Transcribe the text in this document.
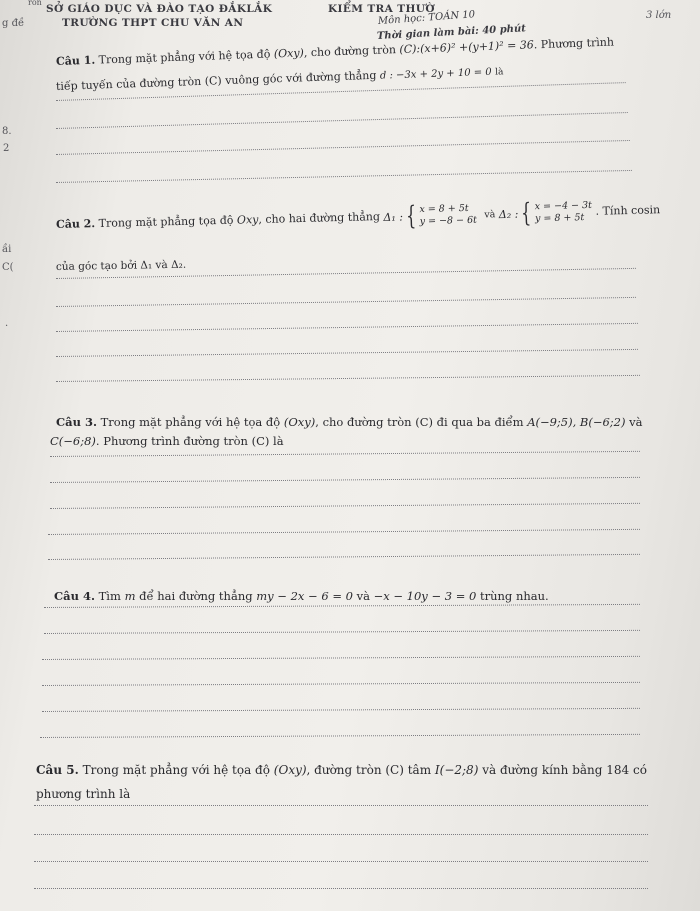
ron
g đề
SỞ GIÁO DỤC VÀ ĐÀO TẠO ĐẮKLẮK
TRƯỜNG THPT CHU VĂN AN
KIỂM TRA THƯỜ
Môn học: TOÁN 10
Thời gian làm bài: 40 phút
3 lớn
8.
2
ầi
C(
.
Câu 1. Trong mặt phẳng với hệ tọa độ (Oxy), cho đường tròn (C):(x+6)² +(y+1)² = 36. Phương trình
tiếp tuyến của đường tròn (C) vuông góc với đường thẳng d : −3x + 2y + 10 = 0 là
Câu 2. Trong mặt phẳng tọa độ Oxy, cho hai đường thẳng Δ₁ : { x = 8 + 5t
y = −8 − 6t và Δ₂ : { x = −4 − 3t
y = 8 + 5t
. Tính cosin
của góc tạo bởi Δ₁ và Δ₂.
Câu 3. Trong mặt phẳng với hệ tọa độ (Oxy), cho đường tròn (C) đi qua ba điểm A(−9;5), B(−6;2) và
C(−6;8). Phương trình đường tròn (C) là
Câu 4. Tìm m để hai đường thẳng my − 2x − 6 = 0 và −x − 10y − 3 = 0 trùng nhau.
Câu 5. Trong mặt phẳng với hệ tọa độ (Oxy), đường tròn (C) tâm I(−2;8) và đường kính bằng 184 có
phương trình là
